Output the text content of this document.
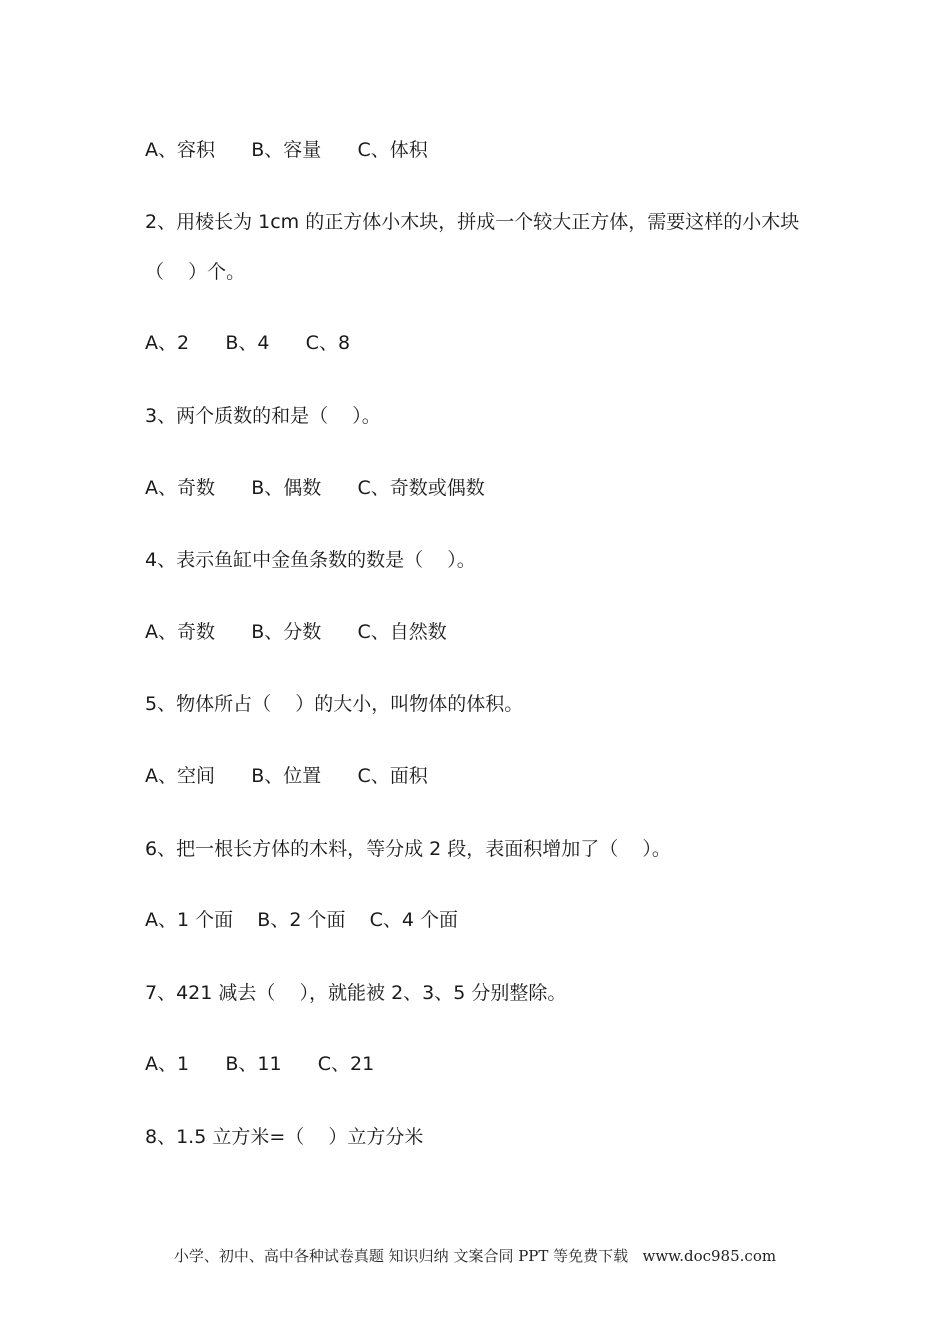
A、容积      B、容量      C、体积
2、用棱长为 1cm 的正方体小木块，拼成一个较大正方体，需要这样的小木块
（    ）个。
A、2      B、4      C、8
3、两个质数的和是（    ）。
A、奇数      B、偶数      C、奇数或偶数
4、表示鱼缸中金鱼条数的数是（    ）。
A、奇数      B、分数      C、自然数
5、物体所占（    ）的大小，叫物体的体积。
A、空间      B、位置      C、面积
6、把一根长方体的木料，等分成 2 段，表面积增加了（    ）。
A、1 个面    B、2 个面    C、4 个面
7、421 减去（    ），就能被 2、3、5 分别整除。
A、1      B、11      C、21
8、1.5 立方米=（    ）立方分米
小学、初中、高中各种试卷真题 知识归纳 文案合同 PPT 等免费下载   www.doc985.com
